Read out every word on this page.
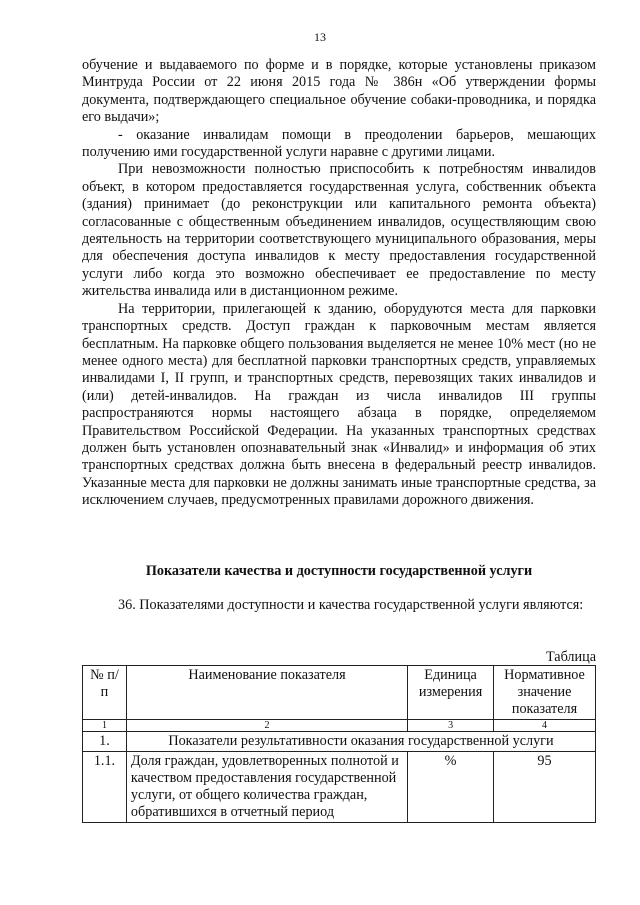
13

обучение и выдаваемого по форме и в порядке, которые установлены приказом Минтруда России от 22 июня 2015 года № 386н «Об утверждении формы документа, подтверждающего специальное обучение собаки-проводника, и порядка его выдачи»;

- оказание инвалидам помощи в преодолении барьеров, мешающих получению ими государственной услуги наравне с другими лицами.

При невозможности полностью приспособить к потребностям инвалидов объект, в котором предоставляется государственная услуга, собственник объекта (здания) принимает (до реконструкции или капитального ремонта объекта) согласованные с общественным объединением инвалидов, осуществляющим свою деятельность на территории соответствующего муниципального образования, меры для обеспечения доступа инвалидов к месту предоставления государственной услуги либо когда это возможно обеспечивает ее предоставление по месту жительства инвалида или в дистанционном режиме.

На территории, прилегающей к зданию, оборудуются места для парковки транспортных средств. Доступ граждан к парковочным местам является бесплатным. На парковке общего пользования выделяется не менее 10% мест (но не менее одного места) для бесплатной парковки транспортных средств, управляемых инвалидами I, II групп, и транспортных средств, перевозящих таких инвалидов и (или) детей-инвалидов. На граждан из числа инвалидов III группы распространяются нормы настоящего абзаца в порядке, определяемом Правительством Российской Федерации. На указанных транспортных средствах должен быть установлен опознавательный знак «Инвалид» и информация об этих транспортных средствах должна быть внесена в федеральный реестр инвалидов. Указанные места для парковки не должны занимать иные транспортные средства, за исключением случаев, предусмотренных правилами дорожного движения.

Показатели качества и доступности государственной услуги
36. Показателями доступности и качества государственной услуги являются:
Таблица
№ п/п	Наименование показателя	Единица измерения	Нормативное значение показателя
1	2	3	4
1.	Показатели результативности оказания государственной услуги		
1.1.	Доля граждан, удовлетворенных полнотой и качеством предоставления государственной услуги, от общего количества граждан, обратившихся в отчетный период	%	95
